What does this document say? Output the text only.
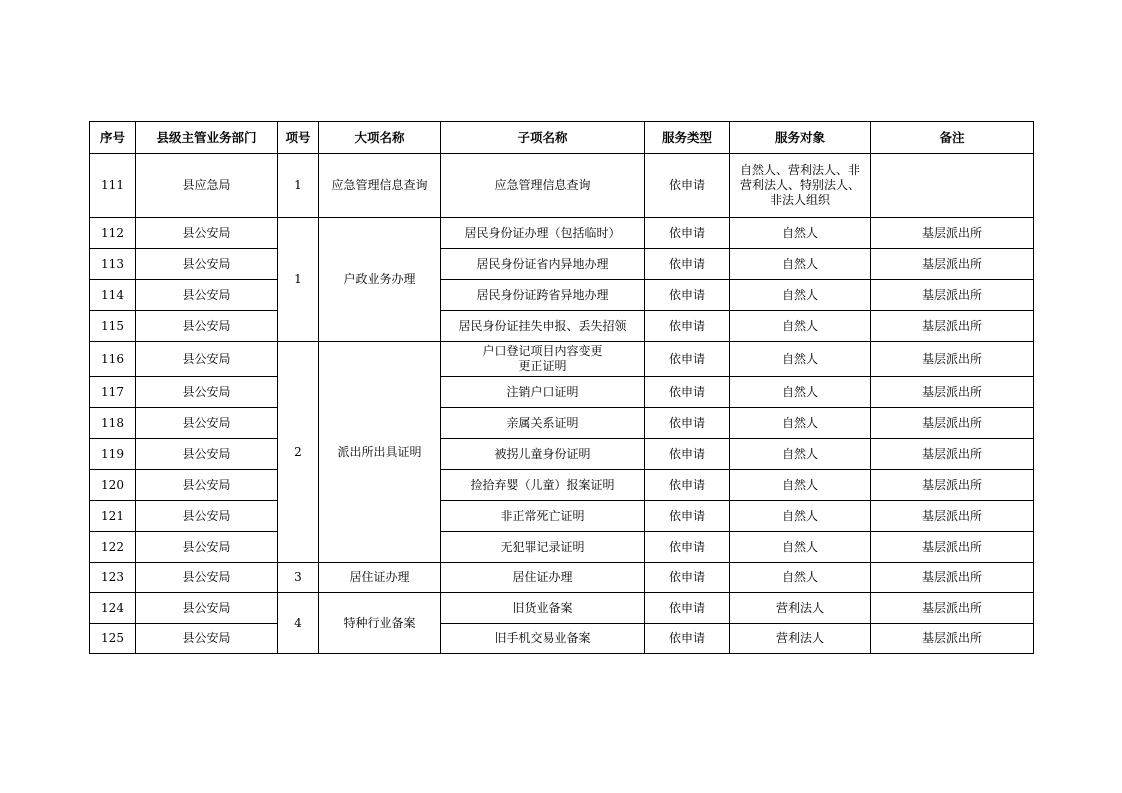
序号	县级主管业务部门	项号	大项名称	子项名称	服务类型	服务对象	备注
111	县应急局	1	应急管理信息查询	应急管理信息查询	依申请	自然人、营利法人、非营利法人、特别法人、非法人组织	
112	县公安局	1	户政业务办理	居民身份证办理（包括临时）	依申请	自然人	基层派出所
113	县公安局			居民身份证省内异地办理	依申请	自然人	基层派出所
114	县公安局			居民身份证跨省异地办理	依申请	自然人	基层派出所
115	县公安局			居民身份证挂失申报、丢失招领	依申请	自然人	基层派出所
116	县公安局	2	派出所出具证明	户口登记项目内容变更更正证明	依申请	自然人	基层派出所
117	县公安局			注销户口证明	依申请	自然人	基层派出所
118	县公安局			亲属关系证明	依申请	自然人	基层派出所
119	县公安局			被拐儿童身份证明	依申请	自然人	基层派出所
120	县公安局			捡拾弃婴（儿童）报案证明	依申请	自然人	基层派出所
121	县公安局			非正常死亡证明	依申请	自然人	基层派出所
122	县公安局			无犯罪记录证明	依申请	自然人	基层派出所
123	县公安局	3	居住证办理	居住证办理	依申请	自然人	基层派出所
124	县公安局	4	特种行业备案	旧货业备案	依申请	营利法人	基层派出所
125	县公安局			旧手机交易业备案	依申请	营利法人	基层派出所
